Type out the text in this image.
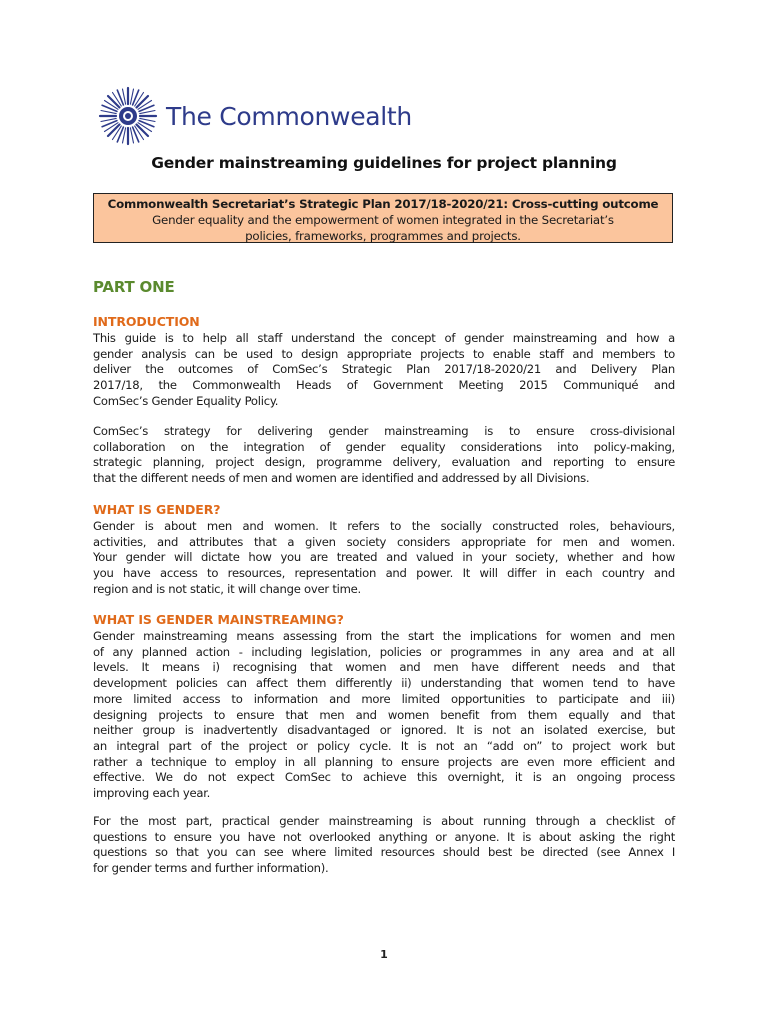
The Commonwealth
Gender mainstreaming guidelines for project planning
Commonwealth Secretariat’s Strategic Plan 2017/18-2020/21: Cross-cutting outcome
Gender equality and the empowerment of women integrated in the Secretariat’s
policies, frameworks, programmes and projects.
PART ONE
INTRODUCTION
This guide is to help all staff understand the concept of gender mainstreaming and how a
gender analysis can be used to design appropriate projects to enable staff and members to
deliver the outcomes of ComSec’s Strategic Plan 2017/18-2020/21 and Delivery Plan
2017/18, the Commonwealth Heads of Government Meeting 2015 Communiqué and
ComSec’s Gender Equality Policy.
ComSec’s strategy for delivering gender mainstreaming is to ensure cross-divisional
collaboration on the integration of gender equality considerations into policy-making,
strategic planning, project design, programme delivery, evaluation and reporting to ensure
that the different needs of men and women are identified and addressed by all Divisions.
WHAT IS GENDER?
Gender is about men and women. It refers to the socially constructed roles, behaviours,
activities, and attributes that a given society considers appropriate for men and women.
Your gender will dictate how you are treated and valued in your society, whether and how
you have access to resources, representation and power. It will differ in each country and
region and is not static, it will change over time.
WHAT IS GENDER MAINSTREAMING?
Gender mainstreaming means assessing from the start the implications for women and men
of any planned action - including legislation, policies or programmes in any area and at all
levels. It means i) recognising that women and men have different needs and that
development policies can affect them differently ii) understanding that women tend to have
more limited access to information and more limited opportunities to participate and iii)
designing projects to ensure that men and women benefit from them equally and that
neither group is inadvertently disadvantaged or ignored. It is not an isolated exercise, but
an integral part of the project or policy cycle. It is not an “add on” to project work but
rather a technique to employ in all planning to ensure projects are even more efficient and
effective. We do not expect ComSec to achieve this overnight, it is an ongoing process
improving each year.
For the most part, practical gender mainstreaming is about running through a checklist of
questions to ensure you have not overlooked anything or anyone. It is about asking the right
questions so that you can see where limited resources should best be directed (see Annex I
for gender terms and further information).
1
